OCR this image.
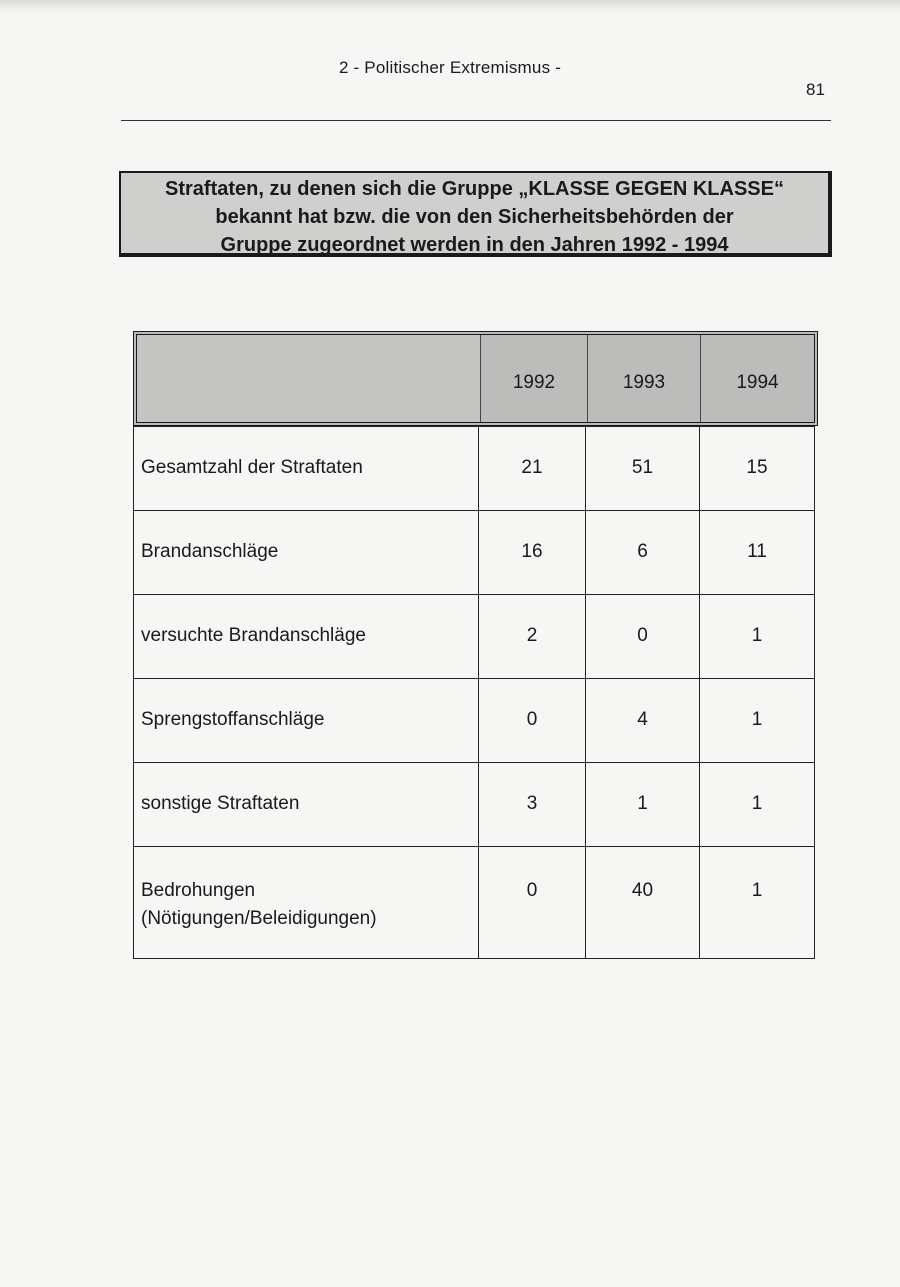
2 - Politischer Extremismus -
81
Straftaten, zu denen sich die Gruppe „KLASSE GEGEN KLASSE“
bekannt hat bzw. die von den Sicherheitsbehörden der
Gruppe zugeordnet werden in den Jahren 1992 - 1994
1992	1993	1994
Gesamtzahl der Straftaten	21	51	15
Brandanschläge	16	6	11
versuchte Brandanschläge	2	0	1
Sprengstoffanschläge	0	4	1
sonstige Straftaten	3	1	1

Bedrohungen
(Nötigungen/Beleidigungen)	0	40	1
